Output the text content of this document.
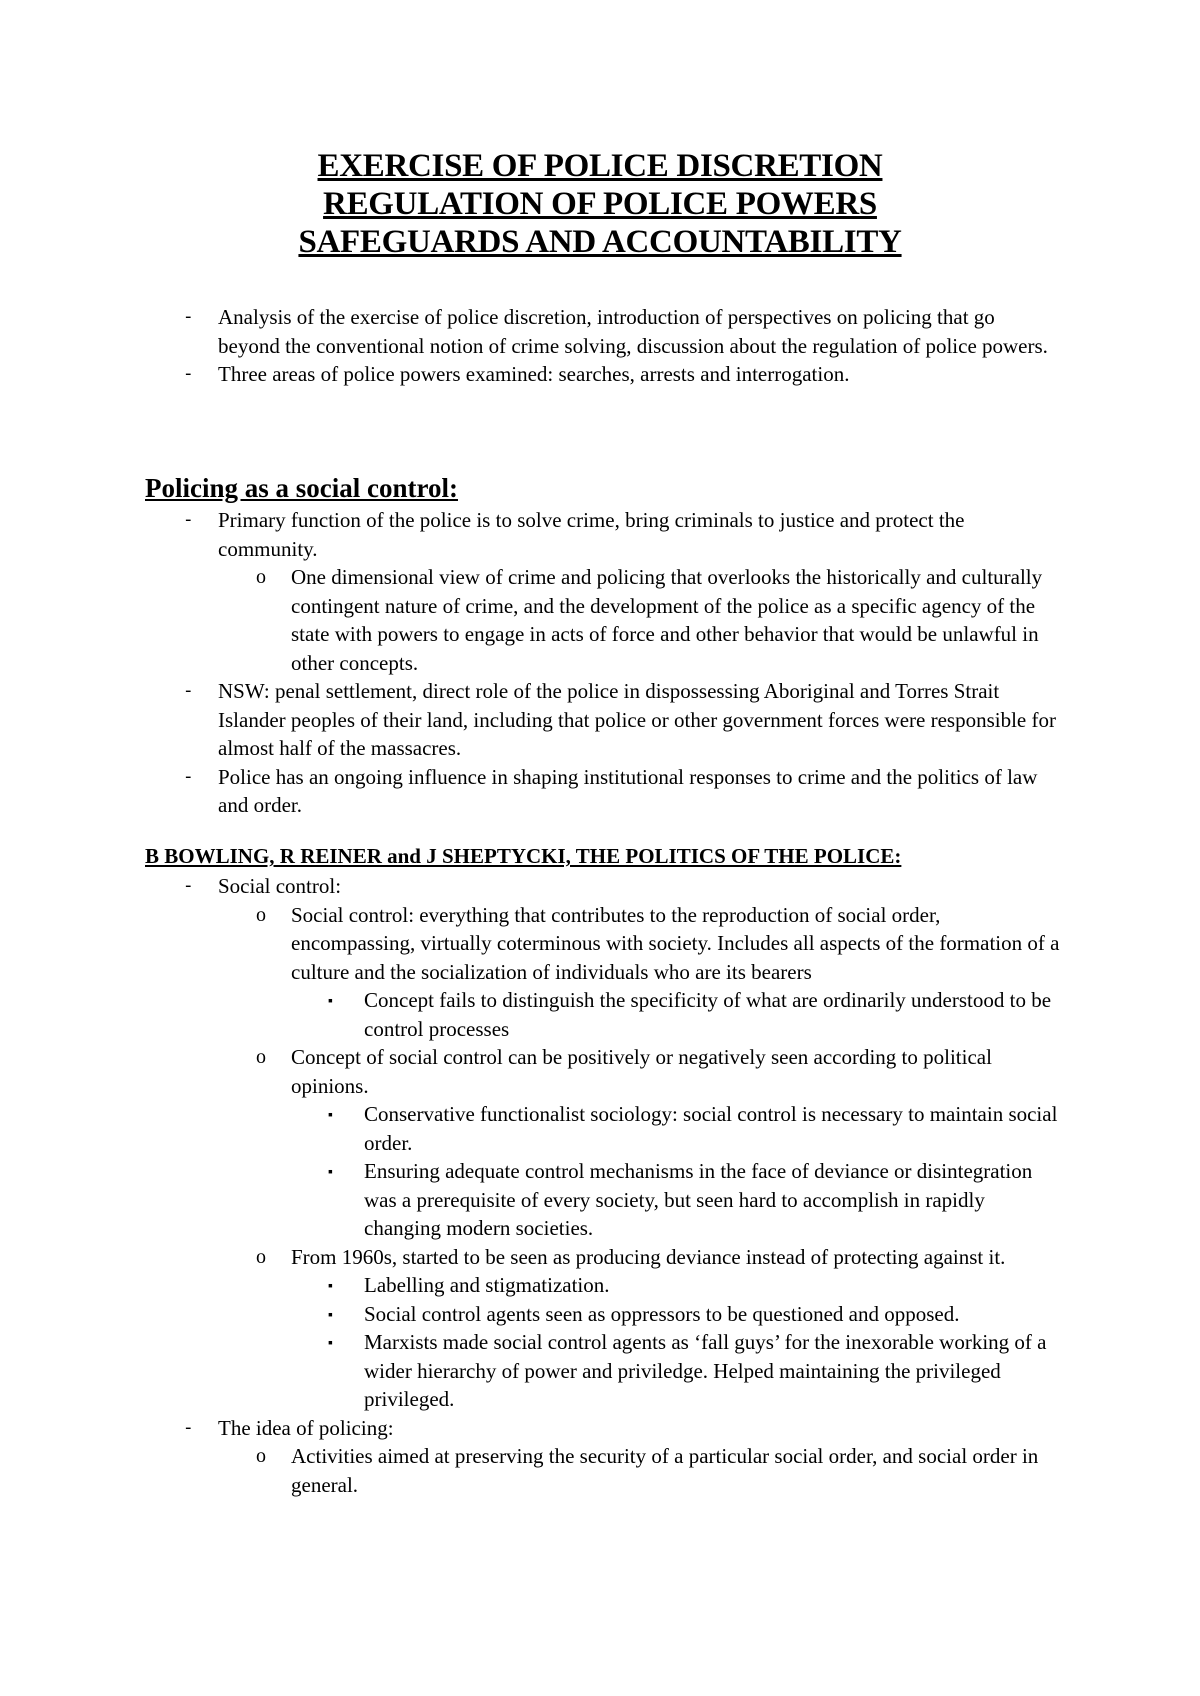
EXERCISE OF POLICE DISCRETION
REGULATION OF POLICE POWERS
SAFEGUARDS AND ACCOUNTABILITY
- Analysis of the exercise of police discretion, introduction of perspectives on policing that go beyond the conventional notion of crime solving, discussion about the regulation of police powers.
- Three areas of police powers examined: searches, arrests and interrogation.
Policing as a social control:
- Primary function of the police is to solve crime, bring criminals to justice and protect the community.
o One dimensional view of crime and policing that overlooks the historically and culturally contingent nature of crime, and the development of the police as a specific agency of the state with powers to engage in acts of force and other behavior that would be unlawful in other concepts.
- NSW: penal settlement, direct role of the police in dispossessing Aboriginal and Torres Strait Islander peoples of their land, including that police or other government forces were responsible for almost half of the massacres.
- Police has an ongoing influence in shaping institutional responses to crime and the politics of law and order.
B BOWLING, R REINER and J SHEPTYCKI, THE POLITICS OF THE POLICE:
- Social control:
o Social control: everything that contributes to the reproduction of social order, encompassing, virtually coterminous with society. Includes all aspects of the formation of a culture and the socialization of individuals who are its bearers
▪ Concept fails to distinguish the specificity of what are ordinarily understood to be control processes
o Concept of social control can be positively or negatively seen according to political opinions.
▪ Conservative functionalist sociology: social control is necessary to maintain social order.
▪ Ensuring adequate control mechanisms in the face of deviance or disintegration was a prerequisite of every society, but seen hard to accomplish in rapidly changing modern societies.
o From 1960s, started to be seen as producing deviance instead of protecting against it.
▪ Labelling and stigmatization.
▪ Social control agents seen as oppressors to be questioned and opposed.
▪ Marxists made social control agents as ‘fall guys’ for the inexorable working of a wider hierarchy of power and priviledge. Helped maintaining the privileged privileged.
- The idea of policing:
o Activities aimed at preserving the security of a particular social order, and social order in general.
